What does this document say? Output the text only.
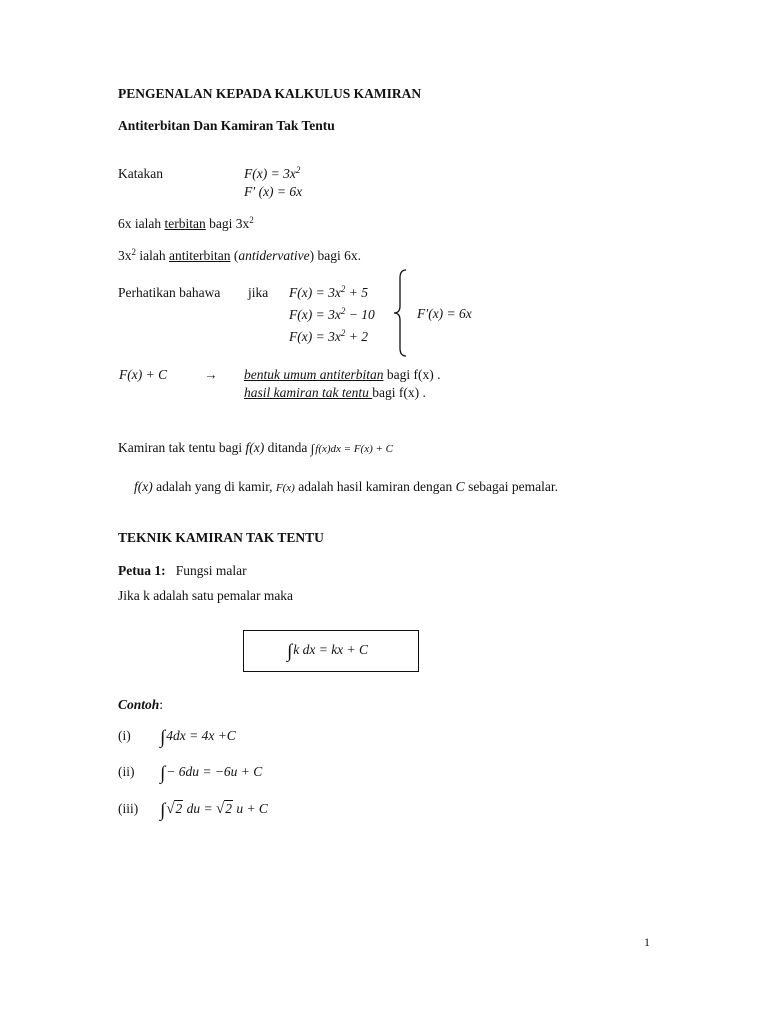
PENGENALAN KEPADA KALKULUS KAMIRAN
Antiterbitan Dan Kamiran Tak Tentu
Katakan	$F(x) = 3x^2$
F′ (x) = 6x
6x ialah terbitan bagi $3x^2$
$3x^2$ ialah antiterbitan (antidervative) bagi 6x.
Perhatikan bahawa jika $F(x) = 3x^2 + 5$
$F(x) = 3x^2 - 10$
$F(x) = 3x^2 + 2$
F′(x) = 6x
F(x) + C	→ bentuk umum antiterbitan bagi f(x) .
hasil kamiran tak tentu bagi f(x) .
Kamiran tak tentu bagi f(x) ditanda ∫f(x)dx = F(x) + C
f(x) adalah yang di kamir, F(x) adalah hasil kamiran dengan C sebagai pemalar.
TEKNIK KAMIRAN TAK TENTU
Petua 1: Fungsi malar
Jika k adalah satu pemalar maka
∫k dx = kx + C
Contoh:
(i) ∫4dx = 4x +C
(ii) ∫− 6du = −6u + C
(iii) ∫√2 du = √2 u + C
1
